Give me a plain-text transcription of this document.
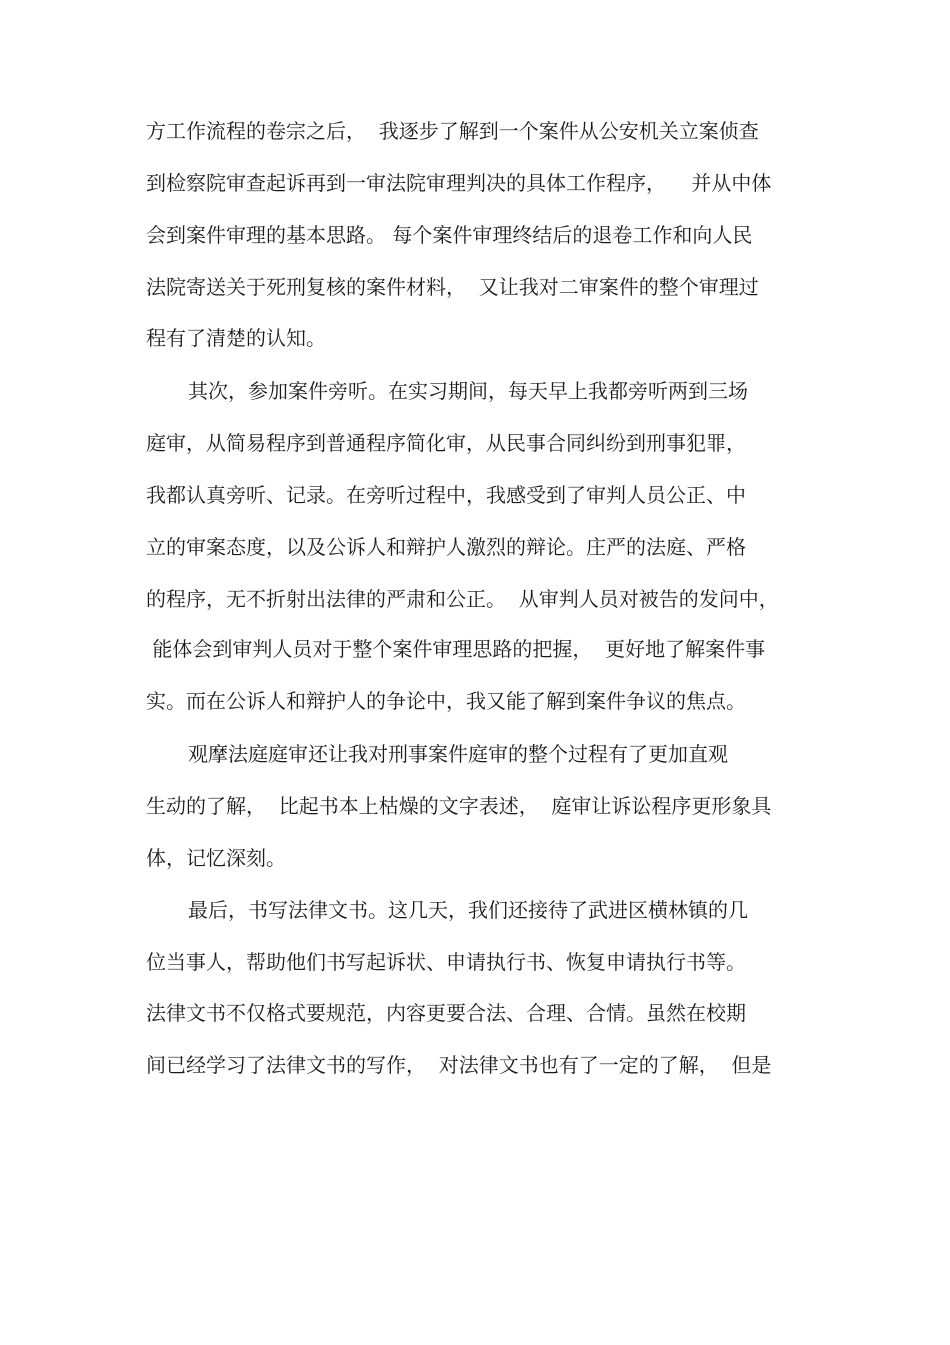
方工作流程的卷宗之后，  我逐步了解到一个案件从公安机关立案侦查

到检察院审查起诉再到一审法院审理判决的具体工作程序，    并从中体

会到案件审理的基本思路。 每个案件审理终结后的退卷工作和向人民

法院寄送关于死刑复核的案件材料，  又让我对二审案件的整个审理过

程有了清楚的认知。

其次，参加案件旁听。在实习期间，每天早上我都旁听两到三场

庭审，从简易程序到普通程序简化审，从民事合同纠纷到刑事犯罪，

我都认真旁听、记录。在旁听过程中，我感受到了审判人员公正、中

立的审案态度，以及公诉人和辩护人激烈的辩论。庄严的法庭、严格

的程序，无不折射出法律的严肃和公正。  从审判人员对被告的发问中，

能体会到审判人员对于整个案件审理思路的把握，  更好地了解案件事

实。而在公诉人和辩护人的争论中，我又能了解到案件争议的焦点。

观摩法庭庭审还让我对刑事案件庭审的整个过程有了更加直观

生动的了解，  比起书本上枯燥的文字表述，  庭审让诉讼程序更形象具

体，记忆深刻。

最后，书写法律文书。这几天，我们还接待了武进区横林镇的几

位当事人，帮助他们书写起诉状、申请执行书、恢复申请执行书等。

法律文书不仅格式要规范，内容更要合法、合理、合情。虽然在校期

间已经学习了法律文书的写作，  对法律文书也有了一定的了解，  但是
